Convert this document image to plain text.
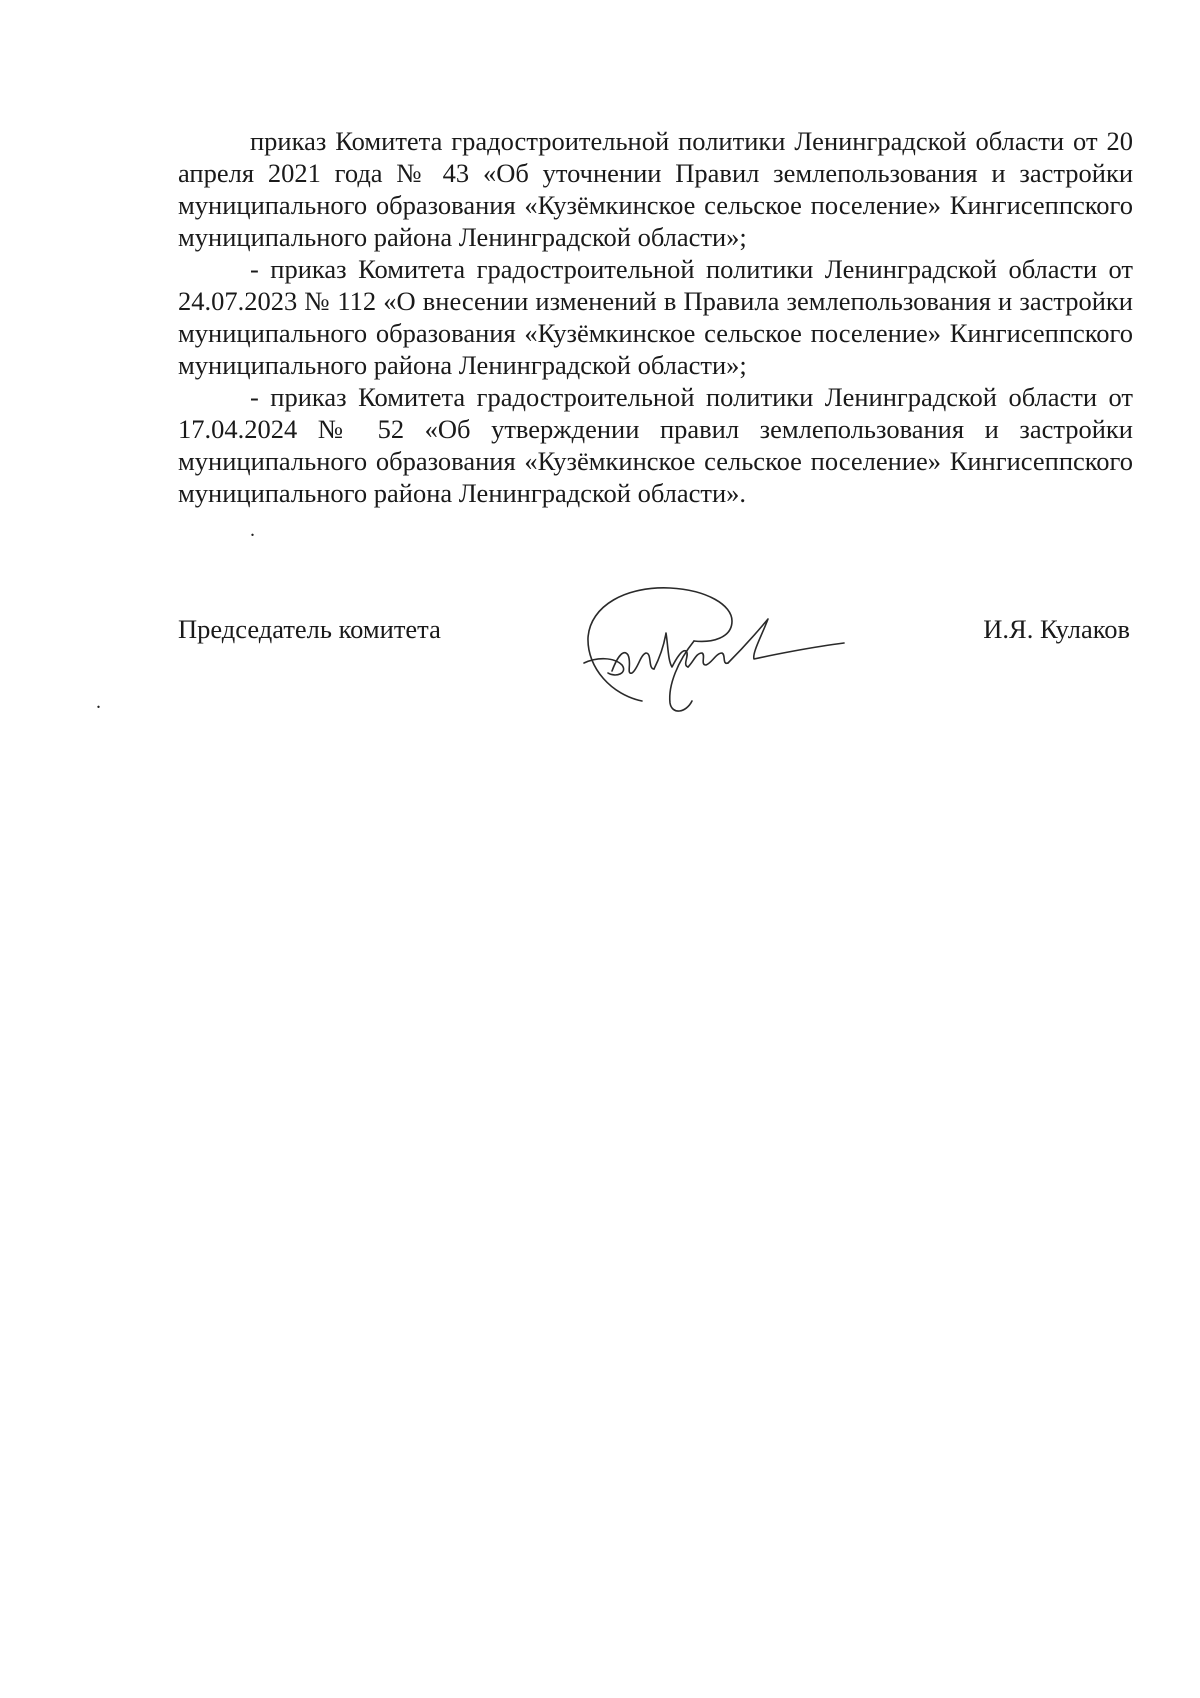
приказ Комитета градостроительной политики Ленинградской области от 20 апреля 2021 года № 43 «Об уточнении Правил землепользования и застройки муниципального образования «Кузёмкинское сельское поселение» Кингисеппского муниципального района Ленинградской области»;

- приказ Комитета градостроительной политики Ленинградской области от 24.07.2023 № 112 «О внесении изменений в Правила землепользования и застройки муниципального образования «Кузёмкинское сельское поселение» Кингисеппского муниципального района Ленинградской области»;

- приказ Комитета градостроительной политики Ленинградской области от 17.04.2024 № 52 «Об утверждении правил землепользования и застройки муниципального образования «Кузёмкинское сельское поселение» Кингисеппского муниципального района Ленинградской области».

.
.
Председатель комитета	И.Я. Кулаков
